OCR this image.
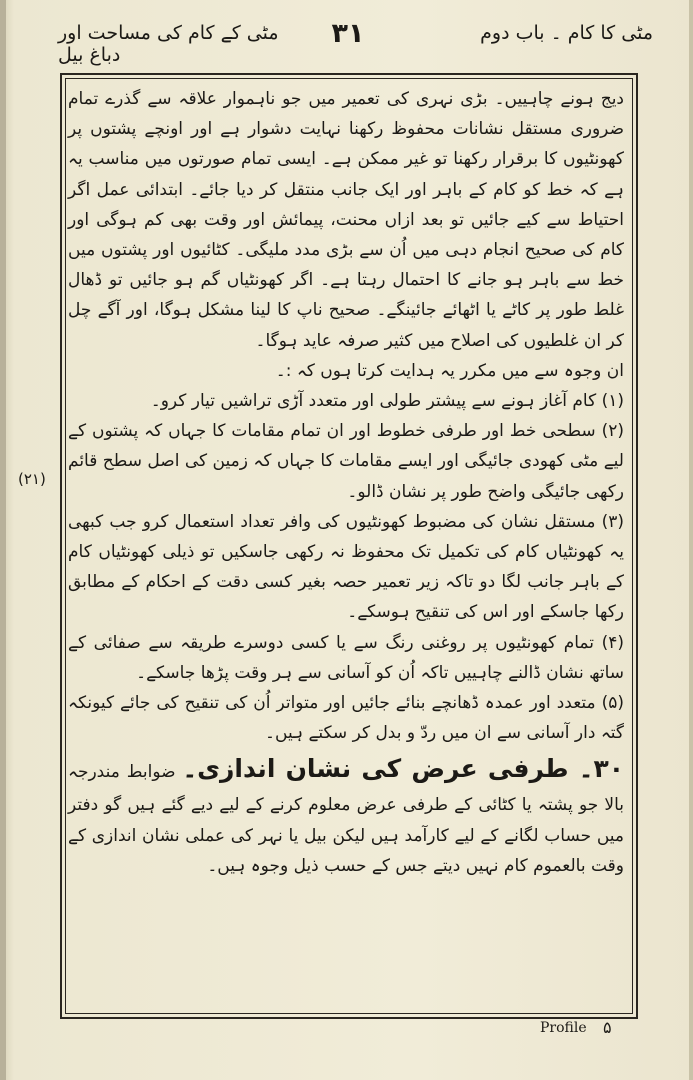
مٹی کے کام کی مساحت اور دباغ بیل
۳۱	مٹی کا کام ۔ باب دوم
(۲۱)

دیج ہونے چاہییں۔ بڑی نہری کی تعمیر میں جو ناہموار علاقہ سے گذرے تمام ضروری مستقل نشانات محفوظ رکھنا نہایت دشوار ہے اور اونچے پشتوں پر کھونٹیوں کا برقرار رکھنا تو غیر ممکن ہے۔ ایسی تمام صورتوں میں مناسب یہ ہے کہ خط کو کام کے باہر اور ایک جانب منتقل کر دیا جائے۔ ابتدائی عمل اگر احتیاط سے کیے جائیں تو بعد ازاں محنت، پیمائش اور وقت بھی کم ہوگی اور کام کی صحیح انجام دہی میں اُن سے بڑی مدد ملیگی۔ کٹائیوں اور پشتوں میں خط سے باہر ہو جانے کا احتمال رہتا ہے۔ اگر کھونٹیاں گم ہو جائیں تو ڈھال غلط طور پر کاٹے یا اٹھائے جائینگے۔ صحیح ناپ کا لینا مشکل ہوگا، اور آگے چل کر ان غلطیوں کی اصلاح میں کثیر صرفہ عاید ہوگا۔

ان وجوہ سے میں مکرر یہ ہدایت کرتا ہوں کہ :۔

(۱) کام آغاز ہونے سے پیشتر طولی اور متعدد آڑی تراشیں تیار کرو۔

(۲) سطحی خط اور طرفی خطوط اور ان تمام مقامات کا جہاں کہ پشتوں کے لیے مٹی کھودی جائیگی اور ایسے مقامات کا جہاں کہ زمین کی اصل سطح قائم رکھی جائیگی واضح طور پر نشان ڈالو۔

(۳) مستقل نشان کی مضبوط کھونٹیوں کی وافر تعداد استعمال کرو جب کبھی یہ کھونٹیاں کام کی تکمیل تک محفوظ نہ رکھی جاسکیں تو ذیلی کھونٹیاں کام کے باہر جانب لگا دو تاکہ زیر تعمیر حصہ بغیر کسی دقت کے احکام کے مطابق رکھا جاسکے اور اس کی تنقیح ہوسکے۔

(۴) تمام کھونٹیوں پر روغنی رنگ سے یا کسی دوسرے طریقہ سے صفائی کے ساتھ نشان ڈالنے چاہییں تاکہ اُن کو آسانی سے ہر وقت پڑھا جاسکے۔

(۵) متعدد اور عمدہ ڈھانچے بنائے جائیں اور متواتر اُن کی تنقیح کی جائے کیونکہ گتہ دار آسانی سے ان میں ردّ و بدل کر سکتے ہیں۔

۳۰۔ طرفی عرض کی نشان اندازی۔ ضوابط مندرجہ بالا جو پشتہ یا کٹائی کے طرفی عرض معلوم کرنے کے لیے دیے گئے ہیں گو دفتر میں حساب لگانے کے لیے کارآمد ہیں لیکن بیل یا نہر کی عملی نشان اندازی کے وقت بالعموم کام نہیں دیتے جس کے حسب ذیل وجوہ ہیں۔

Profile ۵
